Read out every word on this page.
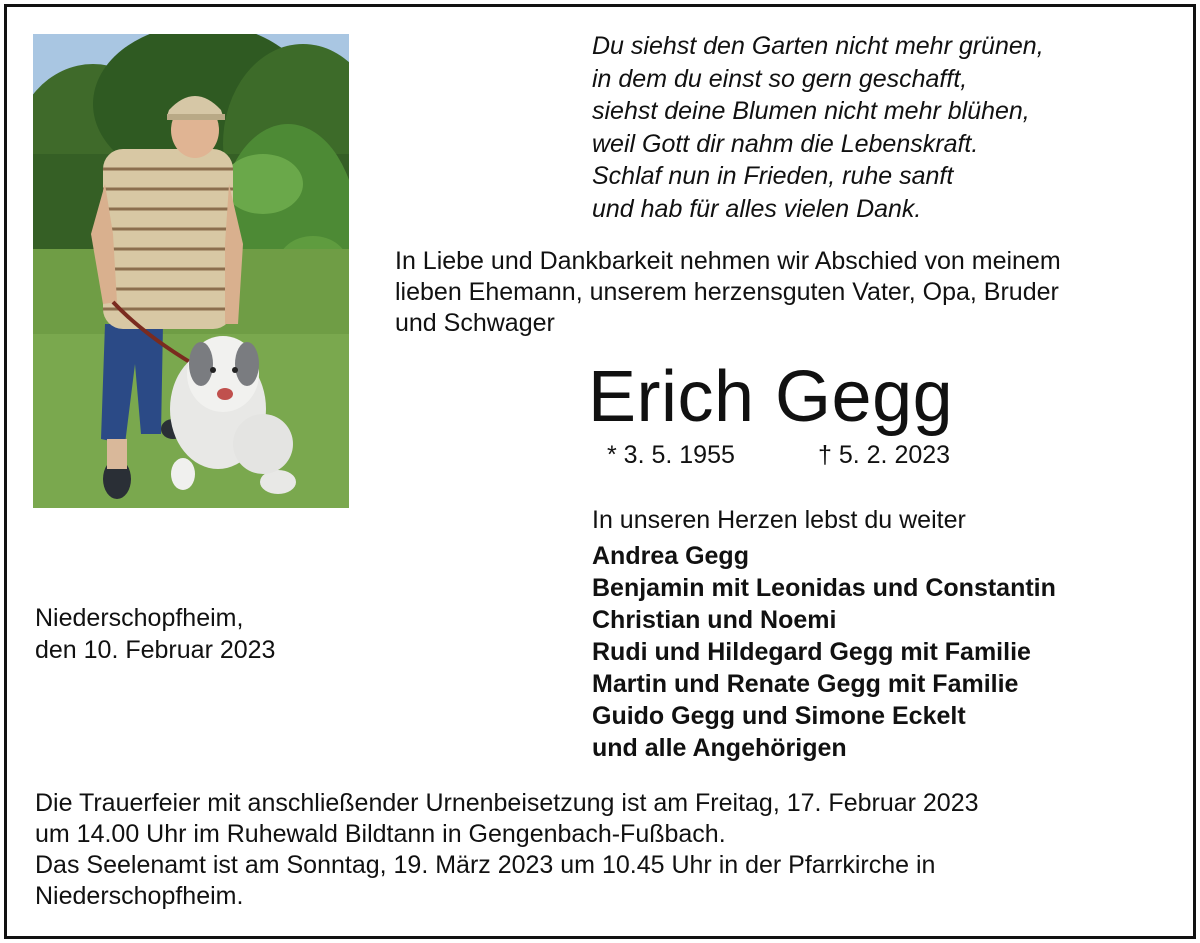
Du siehst den Garten nicht mehr grünen,
in dem du einst so gern geschafft,
siehst deine Blumen nicht mehr blühen,
weil Gott dir nahm die Lebenskraft.
Schlaf nun in Frieden, ruhe sanft
und hab für alles vielen Dank.
In Liebe und Dankbarkeit nehmen wir Abschied von meinem
lieben Ehemann, unserem herzensguten Vater, Opa, Bruder
und Schwager
Erich Gegg
* 3. 5. 1955	† 5. 2. 2023
In unseren Herzen lebst du weiter
Andrea Gegg
Benjamin mit Leonidas und Constantin
Christian und Noemi
Rudi und Hildegard Gegg mit Familie
Martin und Renate Gegg mit Familie
Guido Gegg und Simone Eckelt
und alle Angehörigen
Niederschopfheim,
den 10. Februar 2023
Die Trauerfeier mit anschließender Urnenbeisetzung ist am Freitag, 17. Februar 2023
um 14.00 Uhr im Ruhewald Bildtann in Gengenbach-Fußbach.
Das Seelenamt ist am Sonntag, 19. März 2023 um 10.45 Uhr in der Pfarrkirche in
Niederschopfheim.
